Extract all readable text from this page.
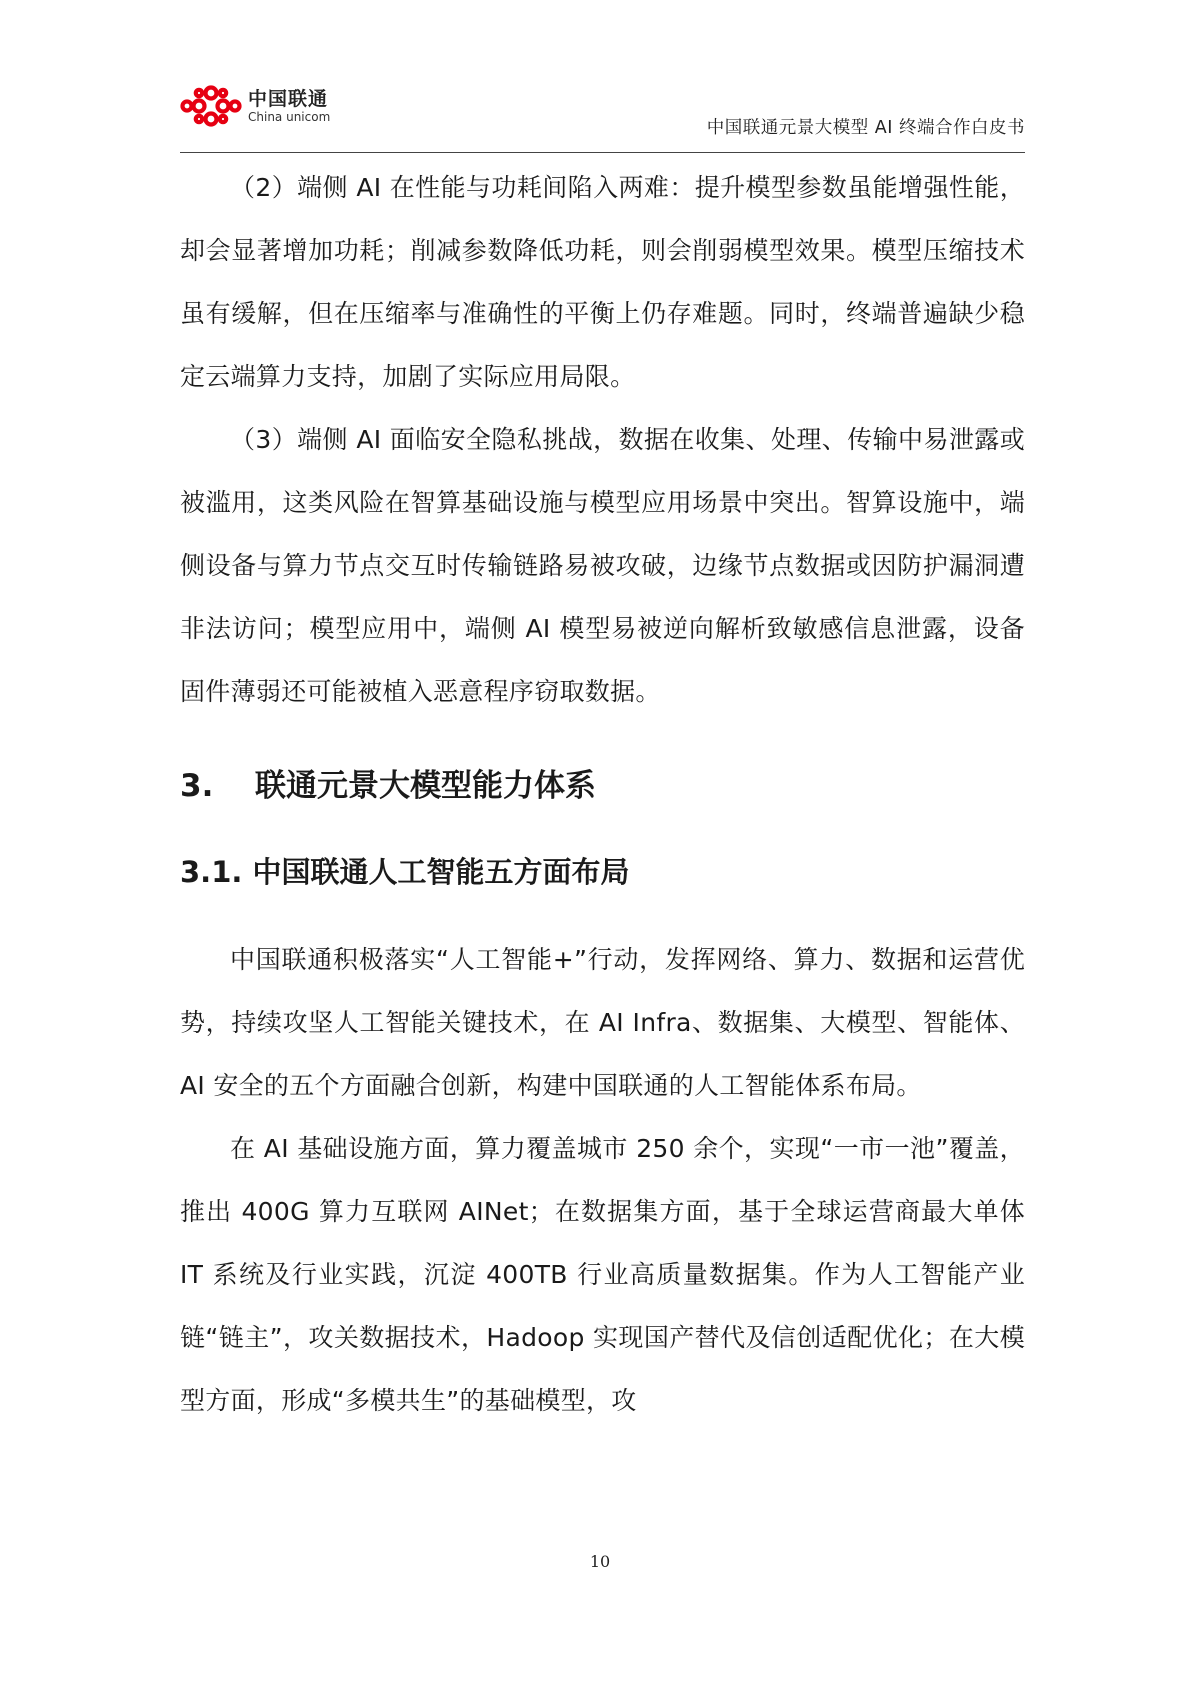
中国联通
China unicom
中国联通元景大模型 AI 终端合作白皮书

（2）端侧 AI 在性能与功耗间陷入两难：提升模型参数虽能增强性能，却会显著增加功耗；削减参数降低功耗，则会削弱模型效果。模型压缩技术虽有缓解，但在压缩率与准确性的平衡上仍存难题。同时，终端普遍缺少稳定云端算力支持，加剧了实际应用局限。

（3）端侧 AI 面临安全隐私挑战，数据在收集、处理、传输中易泄露或被滥用，这类风险在智算基础设施与模型应用场景中突出。智算设施中，端侧设备与算力节点交互时传输链路易被攻破，边缘节点数据或因防护漏洞遭非法访问；模型应用中，端侧 AI 模型易被逆向解析致敏感信息泄露，设备固件薄弱还可能被植入恶意程序窃取数据。

3. 联通元景大模型能力体系
3.1. 中国联通人工智能五方面布局

中国联通积极落实“人工智能+”行动，发挥网络、算力、数据和运营优势，持续攻坚人工智能关键技术，在 AI Infra、数据集、大模型、智能体、AI 安全的五个方面融合创新，构建中国联通的人工智能体系布局。

在 AI 基础设施方面，算力覆盖城市 250 余个，实现“一市一池”覆盖，推出 400G 算力互联网 AINet；在数据集方面，基于全球运营商最大单体 IT 系统及行业实践，沉淀 400TB 行业高质量数据集。作为人工智能产业链“链主”，攻关数据技术，Hadoop 实现国产替代及信创适配优化；在大模型方面，形成“多模共生”的基础模型，攻

10
